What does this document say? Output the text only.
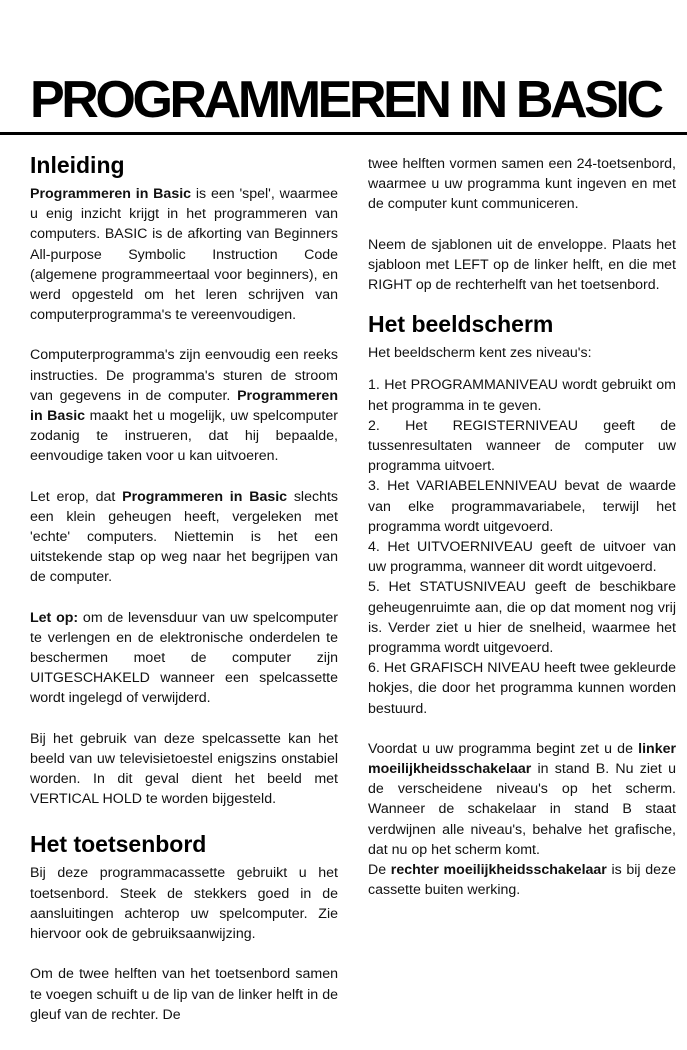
PROGRAMMEREN IN BASIC
Inleiding

Programmeren in Basic is een 'spel', waarmee u enig inzicht krijgt in het programmeren van computers. BASIC is de afkorting van Beginners All-purpose Symbolic Instruction Code (algemene programmeertaal voor beginners), en werd opgesteld om het leren schrijven van computerprogramma's te vereenvoudigen.

Computerprogramma's zijn eenvoudig een reeks instructies. De programma's sturen de stroom van gegevens in de computer. Programmeren in Basic maakt het u mogelijk, uw spelcomputer zodanig te instrueren, dat hij bepaalde, eenvoudige taken voor u kan uitvoeren.

Let erop, dat Programmeren in Basic slechts een klein geheugen heeft, vergeleken met 'echte' computers. Niettemin is het een uitstekende stap op weg naar het begrijpen van de computer.

Let op: om de levensduur van uw spelcomputer te verlengen en de elektronische onderdelen te beschermen moet de computer zijn UITGESCHAKELD wanneer een spelcassette wordt ingelegd of verwijderd.

Bij het gebruik van deze spelcassette kan het beeld van uw televisietoestel enigszins onstabiel worden. In dit geval dient het beeld met VERTICAL HOLD te worden bijgesteld.

Het toetsenbord

Bij deze programmacassette gebruikt u het toetsenbord. Steek de stekkers goed in de aansluitingen achterop uw spelcomputer. Zie hiervoor ook de gebruiksaanwijzing.

Om de twee helften van het toetsenbord samen te voegen schuift u de lip van de linker helft in de gleuf van de rechter. De

twee helften vormen samen een 24-toetsenbord, waarmee u uw programma kunt ingeven en met de computer kunt communiceren.

Neem de sjablonen uit de enveloppe. Plaats het sjabloon met LEFT op de linker helft, en die met RIGHT op de rechterhelft van het toetsenbord.

Het beeldscherm

Het beeldscherm kent zes niveau's:

1. Het PROGRAMMANIVEAU wordt gebruikt om het programma in te geven.

2. Het REGISTERNIVEAU geeft de tussenresultaten wanneer de computer uw programma uitvoert.

3. Het VARIABELENNIVEAU bevat de waarde van elke programmavariabele, terwijl het programma wordt uitgevoerd.

4. Het UITVOERNIVEAU geeft de uitvoer van uw programma, wanneer dit wordt uitgevoerd.

5. Het STATUSNIVEAU geeft de beschikbare geheugenruimte aan, die op dat moment nog vrij is. Verder ziet u hier de snelheid, waarmee het programma wordt uitgevoerd.

6. Het GRAFISCH NIVEAU heeft twee gekleurde hokjes, die door het programma kunnen worden bestuurd.

Voordat u uw programma begint zet u de linker moeilijkheidsschakelaar in stand B. Nu ziet u de verscheidene niveau's op het scherm. Wanneer de schakelaar in stand B staat verdwijnen alle niveau's, behalve het grafische, dat nu op het scherm komt.

De rechter moeilijkheidsschakelaar is bij deze cassette buiten werking.
